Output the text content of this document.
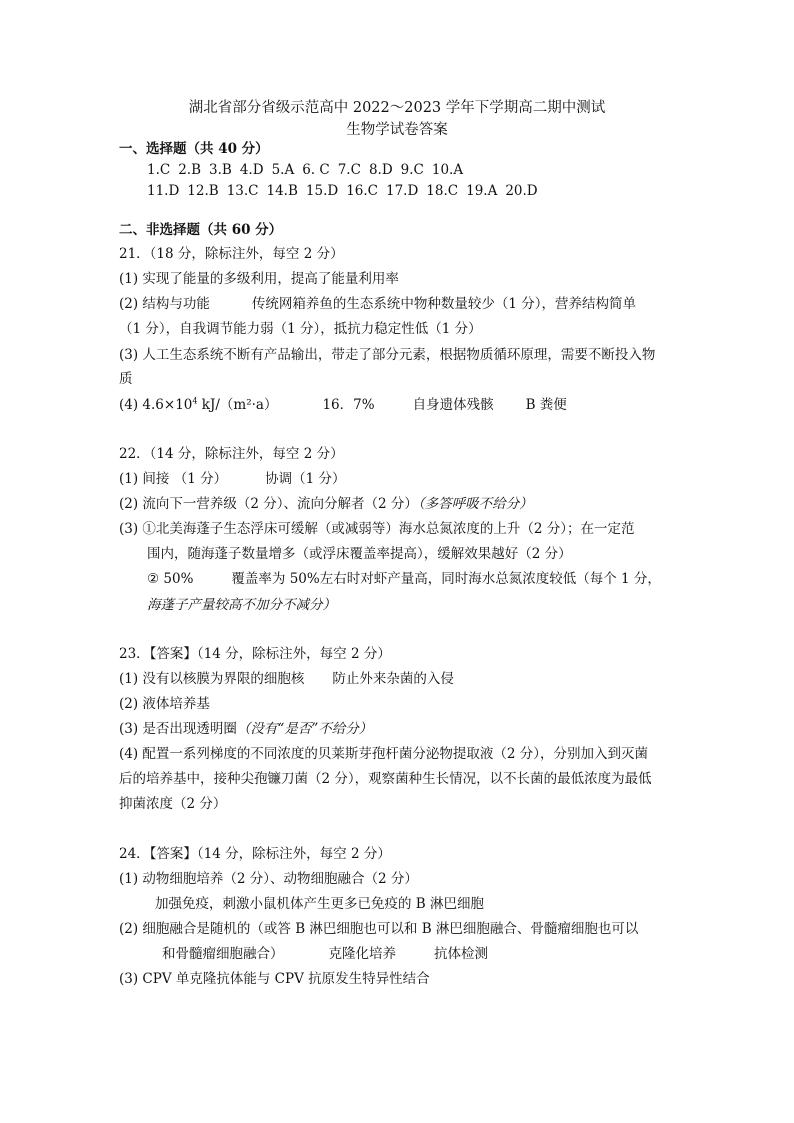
湖北省部分省级示范高中 2022～2023 学年下学期高二期中测试
生物学试卷答案
一、选择题（共 40 分）
1.C 2.B 3.B 4.D 5.A 6. C 7.C 8.D 9.C 10.A
11.D 12.B 13.C 14.B 15.D 16.C 17.D 18.C 19.A 20.D
二、非选择题（共 60 分）
21．（18 分，除标注外，每空 2 分）
(1) 实现了能量的多级利用，提高了能量利用率
(2) 结构与功能	传统网箱养鱼的生态系统中物种数量较少（1 分），营养结构简单
（1 分），自我调节能力弱（1 分），抵抗力稳定性低（1 分）
(3) 人工生态系统不断有产品输出，带走了部分元素，根据物质循环原理，需要不断投入物
质
(4) $4.6\times 10^4$ kJ/（m²·a）	16．7%	自身遗体残骸 B 粪便
22．（14 分，除标注外，每空 2 分）
(1) 间接 （1 分）	协调（1 分）
(2) 流向下一营养级（2 分）、流向分解者（2 分）（多答呼吸不给分）
(3) ①北美海蓬子生态浮床可缓解（或减弱等）海水总氮浓度的上升（2 分）；在一定范
围内，随海蓬子数量增多（或浮床覆盖率提高），缓解效果越好（2 分）
② 50%	覆盖率为 50%左右时对虾产量高，同时海水总氮浓度较低（每个 1 分，
海蓬子产量较高不加分不减分）
23．【答案】（14 分，除标注外，每空 2 分）
(1) 没有以核膜为界限的细胞核 防止外来杂菌的入侵
(2) 液体培养基
(3) 是否出现透明圈（没有“是否”不给分）
(4) 配置一系列梯度的不同浓度的贝莱斯芽孢杆菌分泌物提取液（2 分），分别加入到灭菌
后的培养基中，接种尖孢镰刀菌（2 分），观察菌种生长情况，以不长菌的最低浓度为最低
抑菌浓度（2 分）
24．【答案】（14 分，除标注外，每空 2 分）
(1) 动物细胞培养（2 分）、动物细胞融合（2 分）
加强免疫，刺激小鼠机体产生更多已免疫的 B 淋巴细胞
(2) 细胞融合是随机的（或答 B 淋巴细胞也可以和 B 淋巴细胞融合、骨髓瘤细胞也可以
和骨髓瘤细胞融合）	克隆化培养	抗体检测
(3) CPV 单克隆抗体能与 CPV 抗原发生特异性结合
